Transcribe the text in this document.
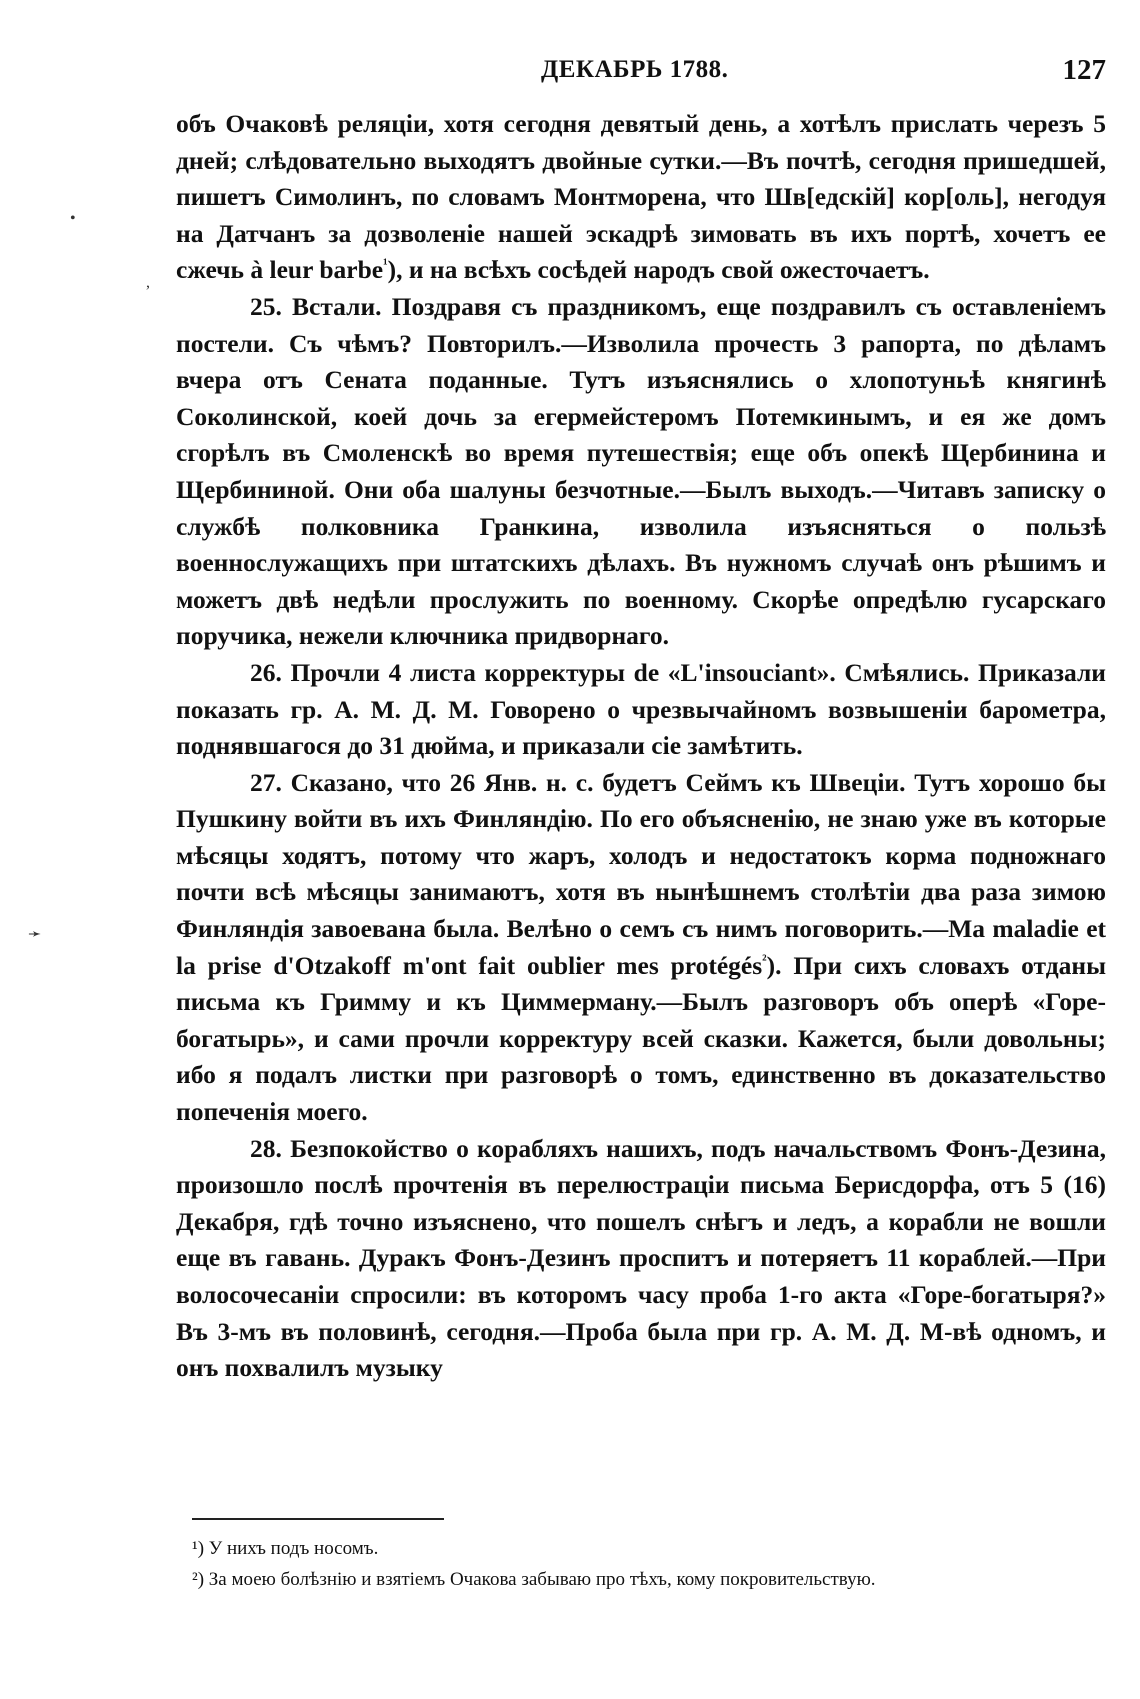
ДЕКАБРЬ 1788.	127
•
,
➛

объ Очаковѣ реляціи, хотя сегодня девятый день, а хотѣлъ прислать черезъ 5 дней; слѣдовательно выходятъ двойные сутки.—Въ почтѣ, сегодня пришедшей, пишетъ Симолинъ, по словамъ Монтморена, что Шв[едскій] кор[оль], негодуя на Датчанъ за дозволеніе нашей эскадрѣ зимовать въ ихъ портѣ, хочетъ ее сжечь à leur barbe$^{^1}$), и на всѣхъ сосѣдей народъ свой ожесточаетъ.

25. Встали. Поздравя съ праздникомъ, еще поздравилъ съ оставленіемъ постели. Съ чѣмъ? Повторилъ.—Изволила прочесть 3 рапорта, по дѣламъ вчера отъ Сената поданные. Тутъ изъяснялись о хлопотуньѣ княгинѣ Соколинской, коей дочь за егермейстеромъ Потемкинымъ, и ея же домъ сгорѣлъ въ Смоленскѣ во время путешествія; еще объ опекѣ Щербинина и Щербининой. Они оба шалуны безчотные.—Былъ выходъ.—Читавъ записку о службѣ полковника Гранкина, изволила изъясняться о пользѣ военнослужащихъ при штатскихъ дѣлахъ. Въ нужномъ случаѣ онъ рѣшимъ и можетъ двѣ недѣли прослужить по военному. Скорѣе опредѣлю гусарскаго поручика, нежели ключника придворнаго.

26. Прочли 4 листа корректуры de «L'insouciant». Смѣялись. Приказали показать гр. А. М. Д. М. Говорено о чрезвычайномъ возвышеніи барометра, поднявшагося до 31 дюйма, и приказали сіе замѣтить.

27. Сказано, что 26 Янв. н. с. будетъ Сеймъ къ Швеціи. Тутъ хорошо бы Пушкину войти въ ихъ Финляндію. По его объясненію, не знаю уже въ которые мѣсяцы ходятъ, потому что жаръ, холодъ и недостатокъ корма подножнаго почти всѣ мѣсяцы занимаютъ, хотя въ нынѣшнемъ столѣтіи два раза зимою Финляндія завоевана была. Велѣно о семъ съ нимъ поговорить.—Ma maladie et la prise d'Otzakoff m'ont fait oublier mes protégés$^{^2}$). При сихъ словахъ отданы письма къ Гримму и къ Циммерману.—Былъ разговоръ объ оперѣ «Горе-богатырь», и сами прочли корректуру всей сказки. Кажется, были довольны; ибо я подалъ листки при разговорѣ о томъ, единственно въ доказательство попеченія моего.

28. Безпокойство о корабляхъ нашихъ, подъ начальствомъ Фонъ-Дезина, произошло послѣ прочтенія въ перелюстраціи письма Берисдорфа, отъ 5 (16) Декабря, гдѣ точно изъяснено, что пошелъ снѣгъ и ледъ, а корабли не вошли еще въ гавань. Дуракъ Фонъ-Дезинъ проспитъ и потеряетъ 11 кораблей.—При волосочесаніи спросили: въ которомъ часу проба 1-го акта «Горе-богатыря?» Въ 3-мъ въ половинѣ, сегодня.—Проба была при гр. А. М. Д. М-вѣ одномъ, и онъ похвалилъ музыку

¹) У нихъ подъ носомъ.

²) За моею болѣзнію и взятіемъ Очакова забываю про тѣхъ, кому покровительствую.
